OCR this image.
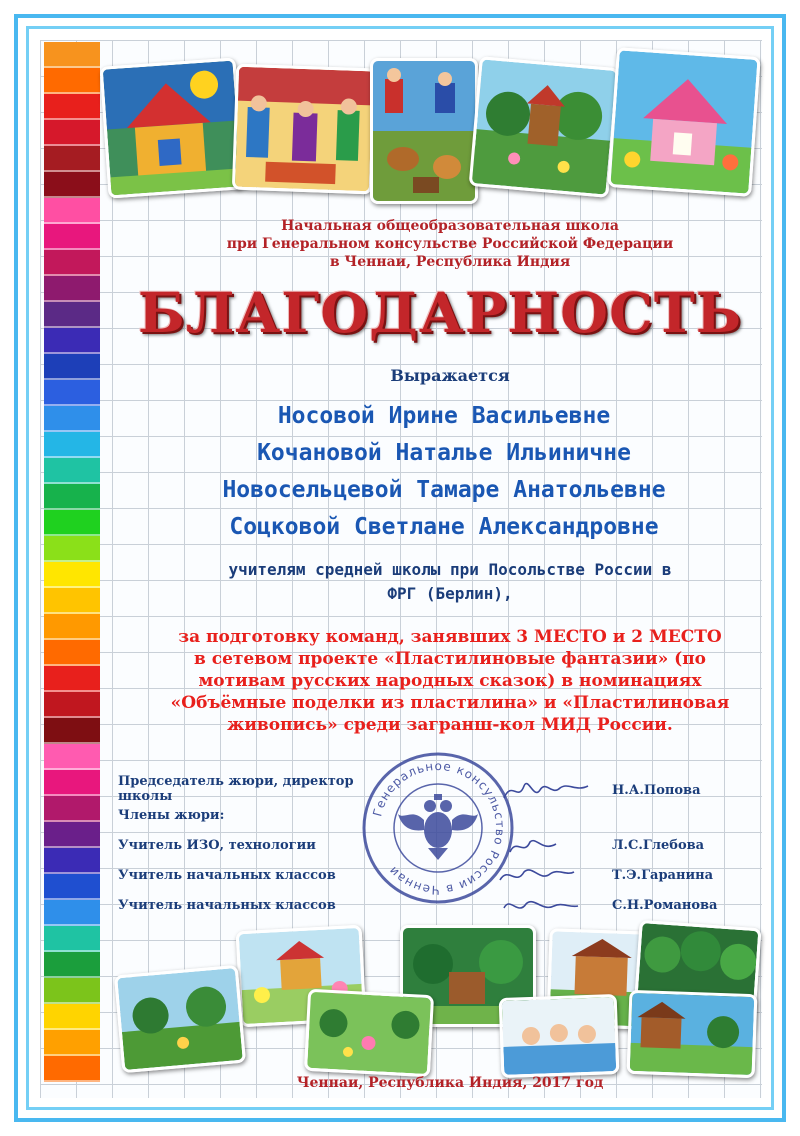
Начальная общеобразовательная школа
при Генеральном консульстве Российской Федерации
в Ченнаи, Республика Индия
БЛАГОДАРНОСТЬ
Выражается
Носовой Ирине Васильевне
Кочановой Наталье Ильиничне
Новосельцевой Тамаре Анатольевне
Соцковой Светлане Александровне
учителям средней школы при Посольстве России в
ФРГ (Берлин),
за подготовку команд, занявших 3 МЕСТО и 2 МЕСТО
в сетевом проекте «Пластилиновые фантазии» (по
мотивам русских народных сказок) в номинациях
«Объёмные поделки из пластилина» и «Пластилиновая
живопись» среди загранш-кол МИД России.
Председатель жюри, директор
школы	Н.А.Попова
Члены жюри:
Учитель ИЗО, технологии	Л.С.Глебова
Учитель начальных классов	Т.Э.Гаранина
Учитель начальных классов	С.Н.Романова
Генеральное консульство России в Ченнаи
Ченнаи, Республика Индия, 2017 год
